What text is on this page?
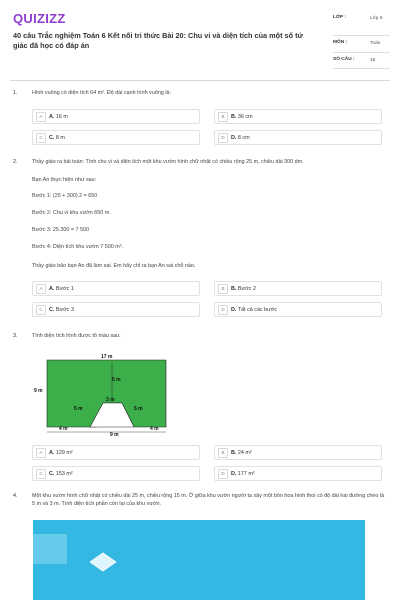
QUIZIZZ
40 câu Trắc nghiệm Toán 6 Kết nối tri thức Bài 20: Chu vi và diện tích của một số tứ giác đã học có đáp án
LỚP :	Lớp 6
MÔN :	Toán
SỐ CÂU :	18
1.	Hình vuông có diện tích 64 m². Độ dài cạnh hình vuông là:
A	A. 16 m	B	B. 36 cm
C	C. 8 m	D	D. 8 cm
2.	Thầy giáo ra bài toán: Tính chu vi và diện tích một khu vườn hình chữ nhật có chiều rộng 25 m, chiều dài 300 dm.
Bạn An thực hiện như sau:
Bước 1: (25 + 300).2 = 650
Bước 2: Chu vi khu vườn 650 m.
Bước 3: 25.300 = 7 500
Bước 4: Diện tích khu vườn 7 500 m².
Thầy giáo bảo bạn An đã làm sai. Em hãy chỉ ra bạn An sai chỗ nào.
A	A. Bước 1	B	B. Bước 2
C	C. Bước 3	D	D. Tất cả các bước
3.	Tính diện tích hình được tô màu sau:
17 m
5 m
9 m
3 m
5 m	5 m
4 m
9 m
4 m
A	A. 129 m²	B	B. 24 m²
C	C. 153 m²	D	D. 177 m²
4.	Một khu vườn hình chữ nhật có chiều dài 25 m, chiều rộng 15 m. Ở giữa khu vườn người ta xây một bồn hoa hình thoi có độ dài hai đường chéo là 5 m và 3 m. Tính diện tích phần còn lại của khu vườn.
